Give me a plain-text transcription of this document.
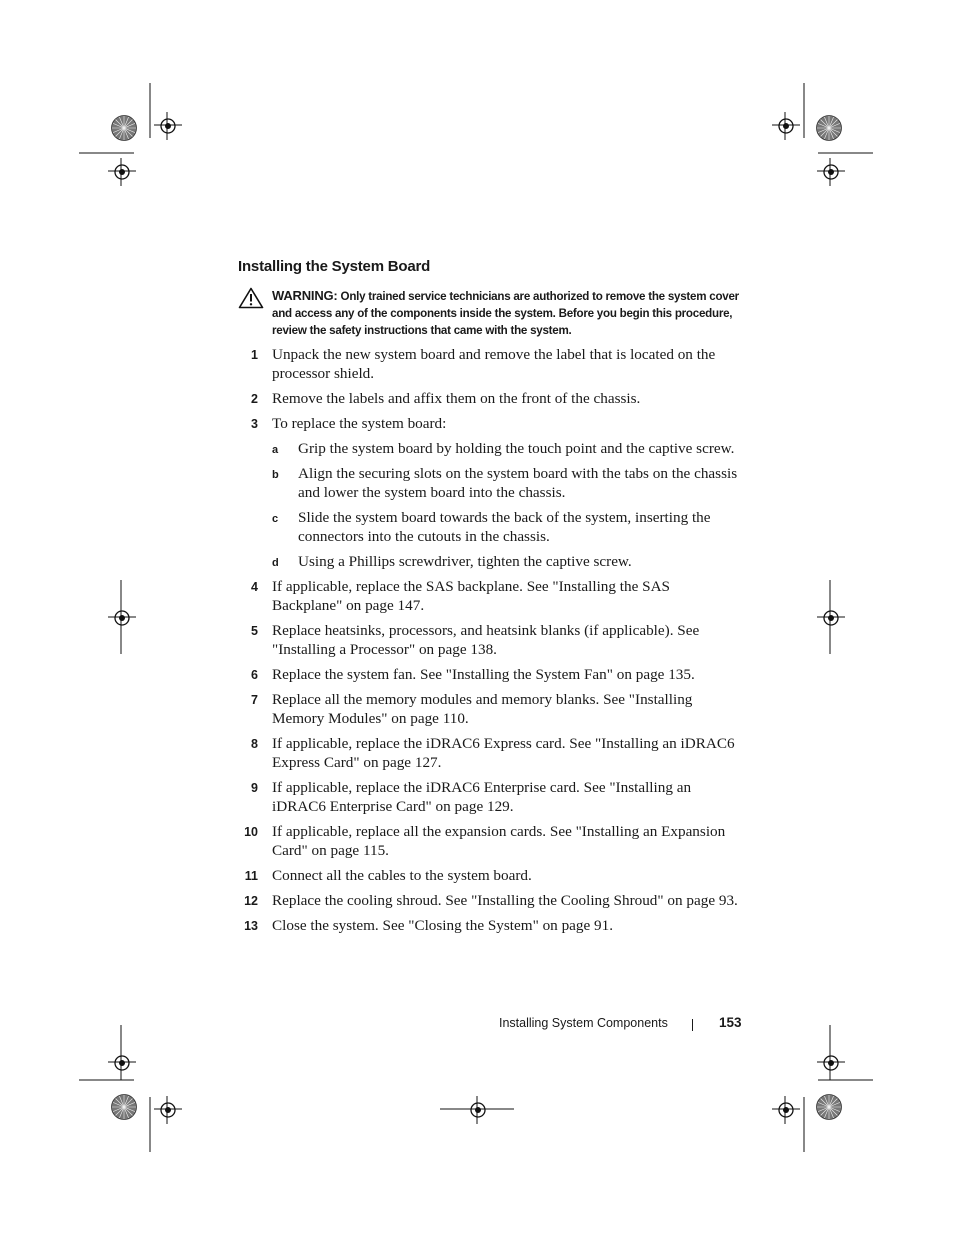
Installing the System Board
WARNING: Only trained service technicians are authorized to remove the system cover and access any of the components inside the system. Before you begin this procedure, review the safety instructions that came with the system.
1 Unpack the new system board and remove the label that is located on the processor shield.
2 Remove the labels and affix them on the front of the chassis.
3 To replace the system board:
a Grip the system board by holding the touch point and the captive screw.
b Align the securing slots on the system board with the tabs on the chassis and lower the system board into the chassis.
c Slide the system board towards the back of the system, inserting the connectors into the cutouts in the chassis.
d Using a Phillips screwdriver, tighten the captive screw.
4 If applicable, replace the SAS backplane. See "Installing the SAS Backplane" on page 147.
5 Replace heatsinks, processors, and heatsink blanks (if applicable). See "Installing a Processor" on page 138.
6 Replace the system fan. See "Installing the System Fan" on page 135.
7 Replace all the memory modules and memory blanks. See "Installing Memory Modules" on page 110.
8 If applicable, replace the iDRAC6 Express card. See "Installing an iDRAC6 Express Card" on page 127.
9 If applicable, replace the iDRAC6 Enterprise card. See "Installing an iDRAC6 Enterprise Card" on page 129.
10 If applicable, replace all the expansion cards. See "Installing an Expansion Card" on page 115.
11 Connect all the cables to the system board.
12 Replace the cooling shroud. See "Installing the Cooling Shroud" on page 93.
13 Close the system. See "Closing the System" on page 91.
Installing System Components	153
